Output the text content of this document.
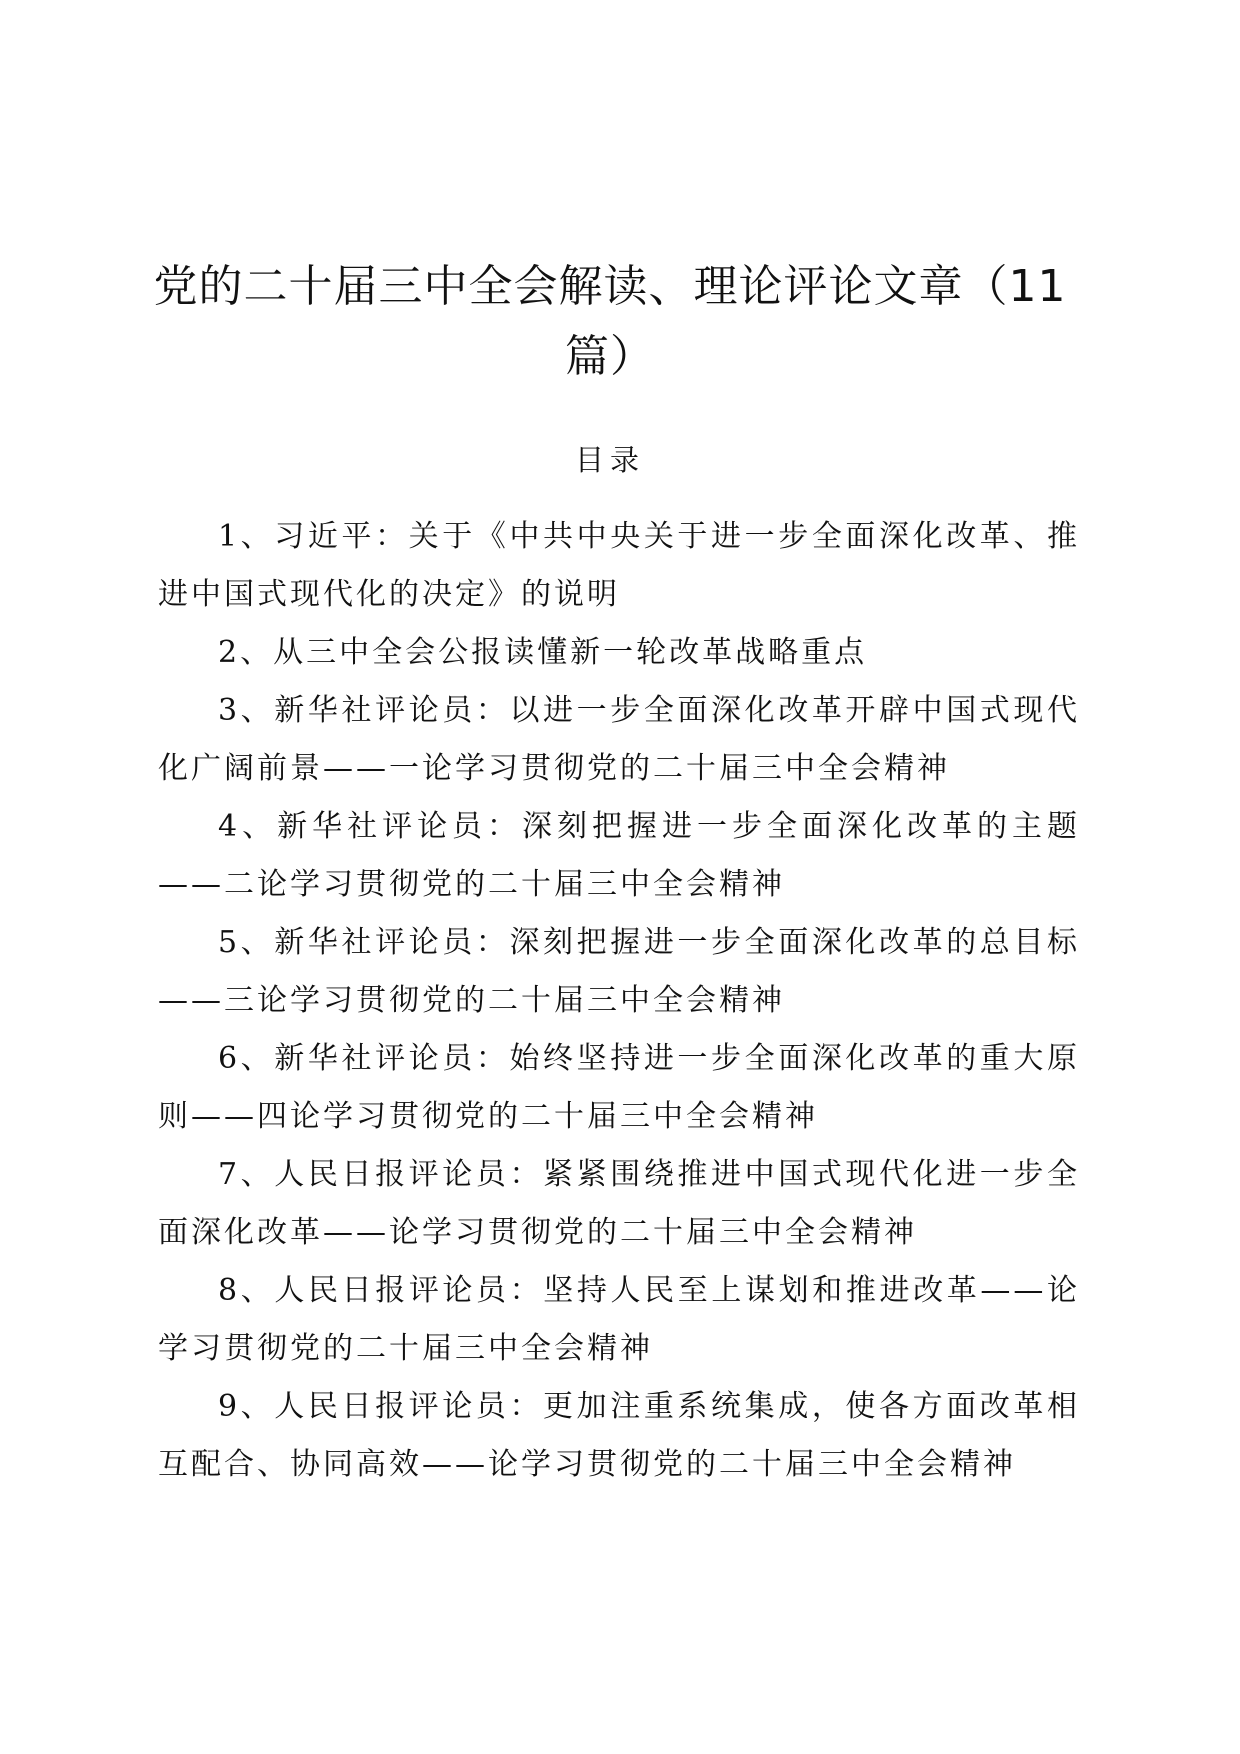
党的二十届三中全会解读、理论评论文章（11篇）
目录
1、习近平：关于《中共中央关于进一步全面深化改革、推进中国式现代化的决定》的说明
2、从三中全会公报读懂新一轮改革战略重点
3、新华社评论员：以进一步全面深化改革开辟中国式现代化广阔前景——一论学习贯彻党的二十届三中全会精神
4、新华社评论员：深刻把握进一步全面深化改革的主题——二论学习贯彻党的二十届三中全会精神
5、新华社评论员：深刻把握进一步全面深化改革的总目标——三论学习贯彻党的二十届三中全会精神
6、新华社评论员：始终坚持进一步全面深化改革的重大原则——四论学习贯彻党的二十届三中全会精神
7、人民日报评论员：紧紧围绕推进中国式现代化进一步全面深化改革——论学习贯彻党的二十届三中全会精神
8、人民日报评论员：坚持人民至上谋划和推进改革——论学习贯彻党的二十届三中全会精神
9、人民日报评论员：更加注重系统集成，使各方面改革相互配合、协同高效——论学习贯彻党的二十届三中全会精神
